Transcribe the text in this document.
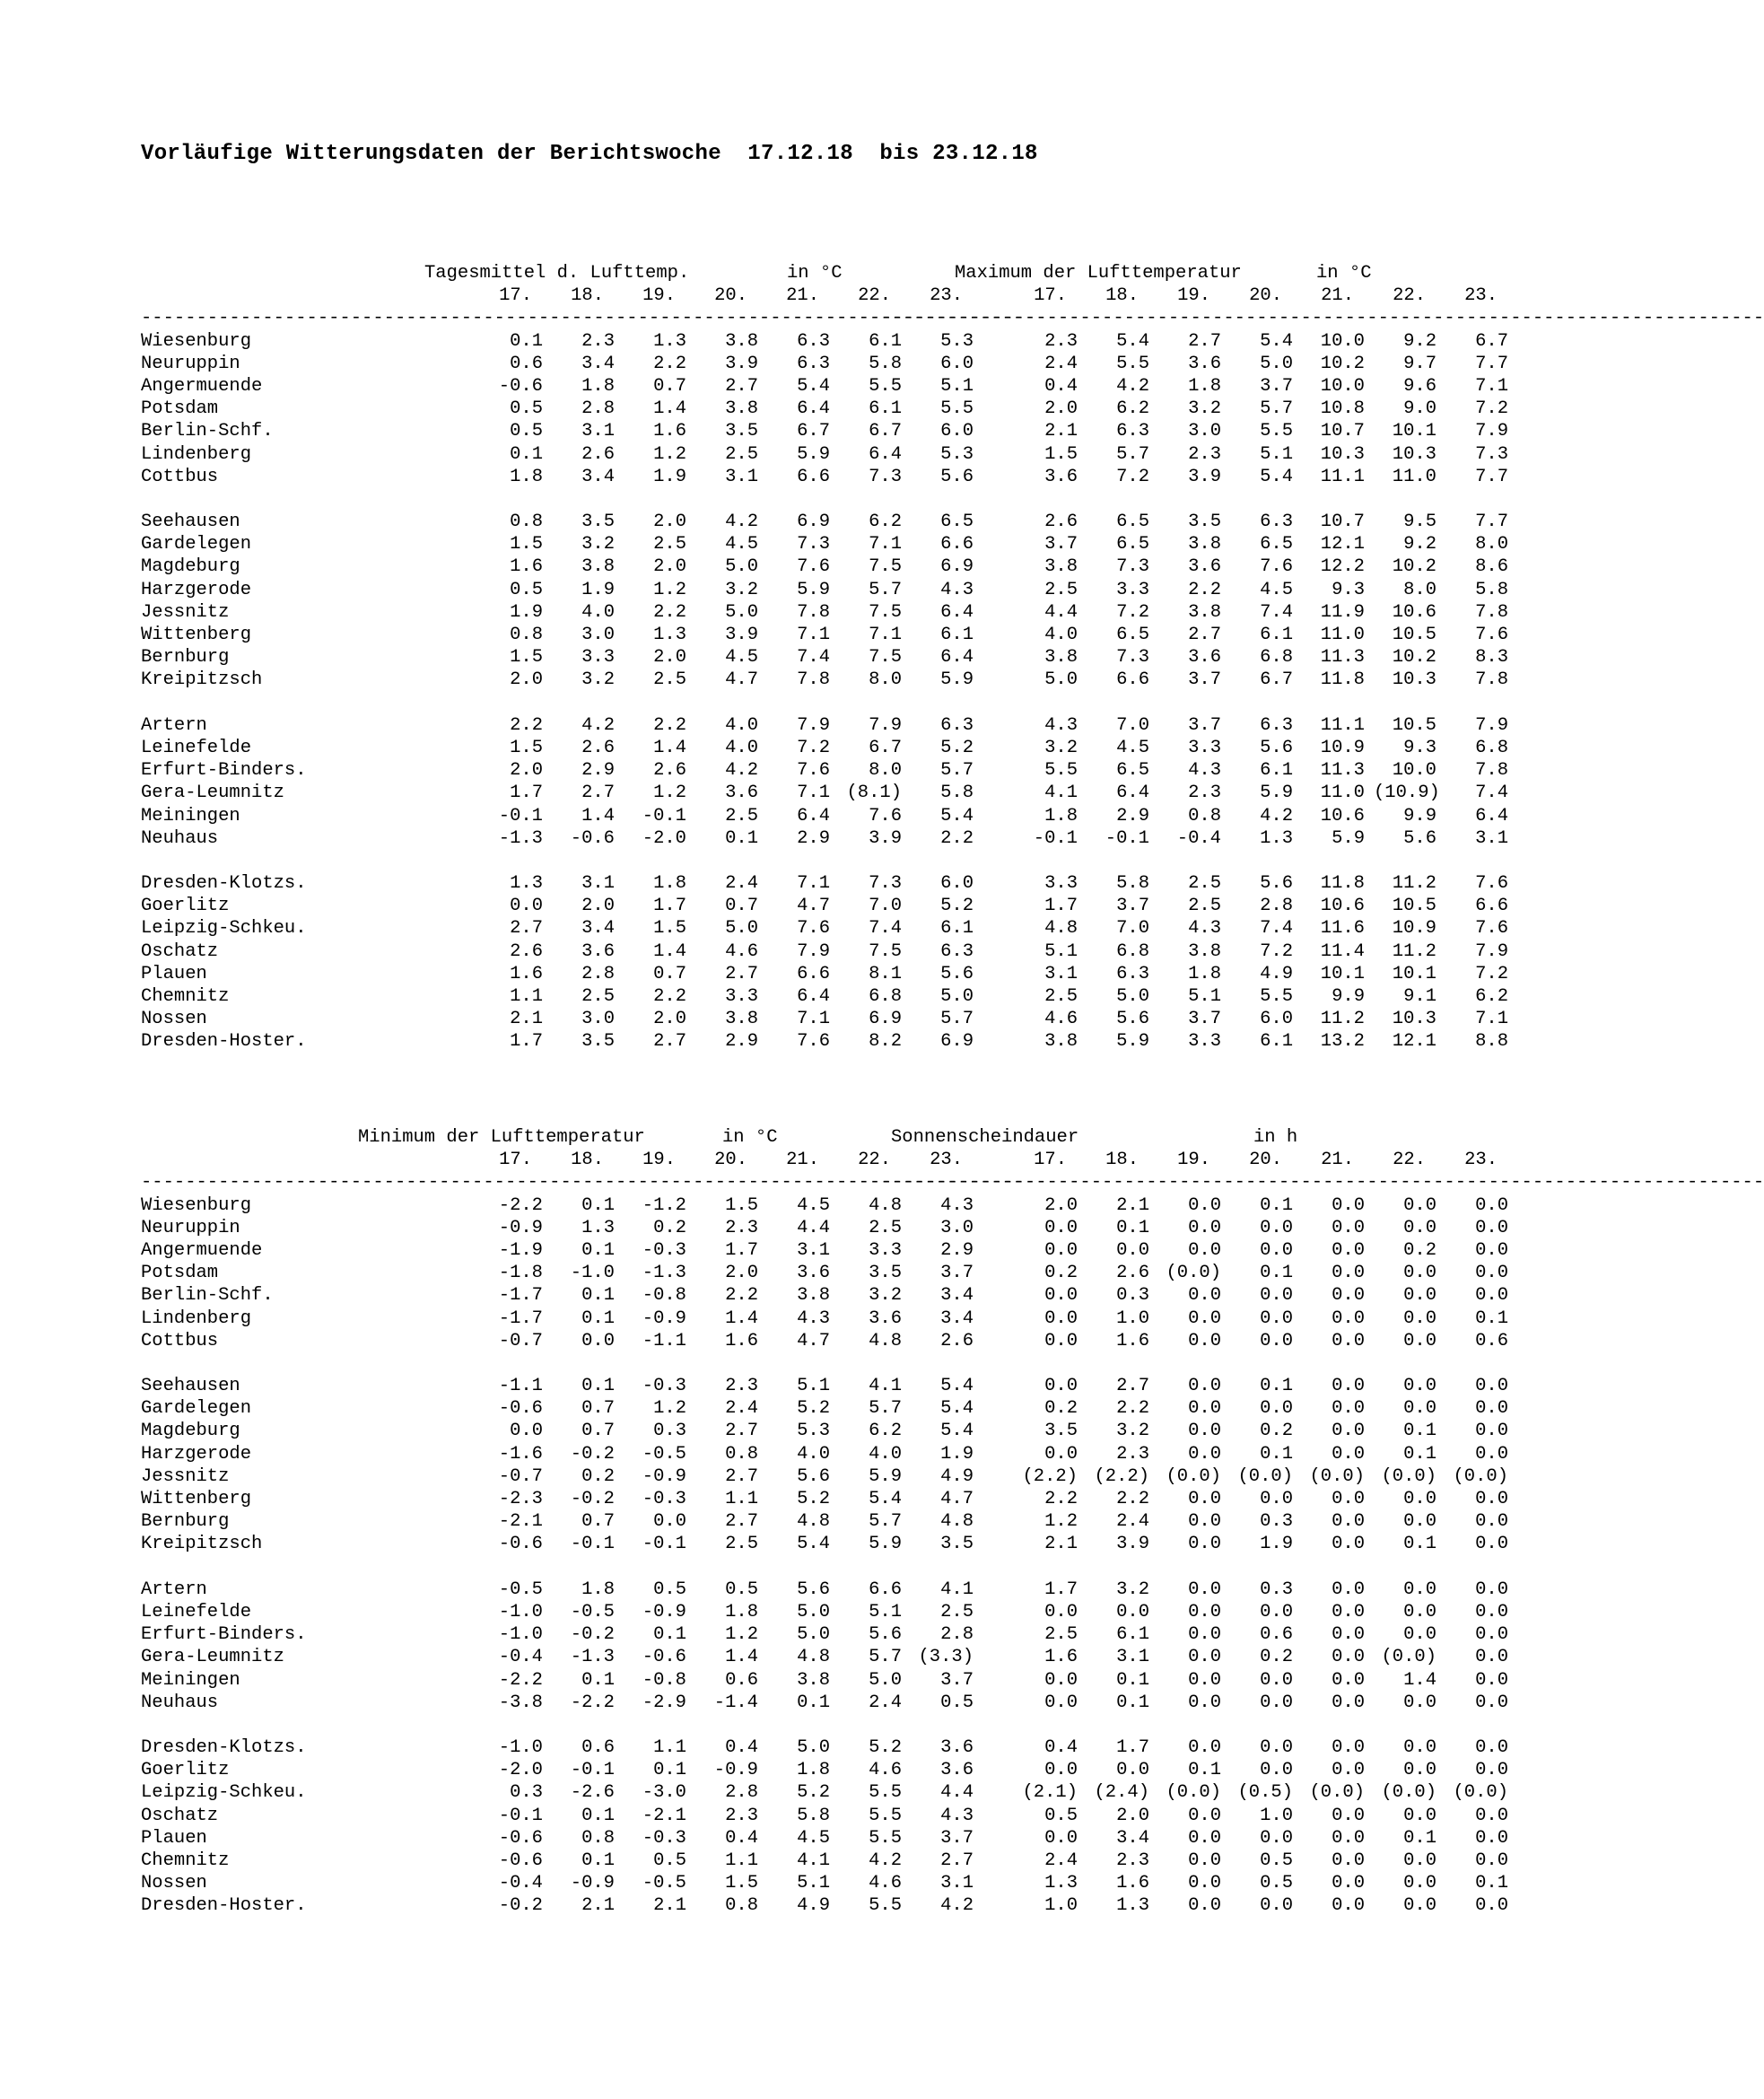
Vorläufige Witterungsdaten der Berichtswoche  17.12.18  bis 23.12.18
Tagesmittel d. Lufttemp.	in °C	Maximum der Lufttemperatur	in °C
17.	18.	19.	20.	21.	22.	23.	17.	18.	19.	20.	21.	22.	23.
--------------------------------------------------------------------------------
--------------------------------------------------------------------------------
Wiesenburg	0.1	2.3	1.3	3.8	6.3	6.1	5.3	2.3	5.4	2.7	5.4	10.0	9.2	6.7
Neuruppin	0.6	3.4	2.2	3.9	6.3	5.8	6.0	2.4	5.5	3.6	5.0	10.2	9.7	7.7
Angermuende	-0.6	1.8	0.7	2.7	5.4	5.5	5.1	0.4	4.2	1.8	3.7	10.0	9.6	7.1
Potsdam	0.5	2.8	1.4	3.8	6.4	6.1	5.5	2.0	6.2	3.2	5.7	10.8	9.0	7.2
Berlin-Schf.	0.5	3.1	1.6	3.5	6.7	6.7	6.0	2.1	6.3	3.0	5.5	10.7	10.1	7.9
Lindenberg	0.1	2.6	1.2	2.5	5.9	6.4	5.3	1.5	5.7	2.3	5.1	10.3	10.3	7.3
Cottbus	1.8	3.4	1.9	3.1	6.6	7.3	5.6	3.6	7.2	3.9	5.4	11.1	11.0	7.7
Seehausen	0.8	3.5	2.0	4.2	6.9	6.2	6.5	2.6	6.5	3.5	6.3	10.7	9.5	7.7
Gardelegen	1.5	3.2	2.5	4.5	7.3	7.1	6.6	3.7	6.5	3.8	6.5	12.1	9.2	8.0
Magdeburg	1.6	3.8	2.0	5.0	7.6	7.5	6.9	3.8	7.3	3.6	7.6	12.2	10.2	8.6
Harzgerode	0.5	1.9	1.2	3.2	5.9	5.7	4.3	2.5	3.3	2.2	4.5	9.3	8.0	5.8
Jessnitz	1.9	4.0	2.2	5.0	7.8	7.5	6.4	4.4	7.2	3.8	7.4	11.9	10.6	7.8
Wittenberg	0.8	3.0	1.3	3.9	7.1	7.1	6.1	4.0	6.5	2.7	6.1	11.0	10.5	7.6
Bernburg	1.5	3.3	2.0	4.5	7.4	7.5	6.4	3.8	7.3	3.6	6.8	11.3	10.2	8.3
Kreipitzsch	2.0	3.2	2.5	4.7	7.8	8.0	5.9	5.0	6.6	3.7	6.7	11.8	10.3	7.8
Artern	2.2	4.2	2.2	4.0	7.9	7.9	6.3	4.3	7.0	3.7	6.3	11.1	10.5	7.9
Leinefelde	1.5	2.6	1.4	4.0	7.2	6.7	5.2	3.2	4.5	3.3	5.6	10.9	9.3	6.8
Erfurt-Binders.	2.0	2.9	2.6	4.2	7.6	8.0	5.7	5.5	6.5	4.3	6.1	11.3	10.0	7.8
Gera-Leumnitz	1.7	2.7	1.2	3.6	7.1 (8.1)	5.8	4.1	6.4	2.3	5.9	11.0 (10.9)	7.4
Meiningen	-0.1	1.4	-0.1	2.5	6.4	7.6	5.4	1.8	2.9	0.8	4.2	10.6	9.9	6.4
Neuhaus	-1.3	-0.6	-2.0	0.1	2.9	3.9	2.2	-0.1	-0.1	-0.4	1.3	5.9	5.6	3.1
Dresden-Klotzs.	1.3	3.1	1.8	2.4	7.1	7.3	6.0	3.3	5.8	2.5	5.6	11.8	11.2	7.6
Goerlitz	0.0	2.0	1.7	0.7	4.7	7.0	5.2	1.7	3.7	2.5	2.8	10.6	10.5	6.6
Leipzig-Schkeu.	2.7	3.4	1.5	5.0	7.6	7.4	6.1	4.8	7.0	4.3	7.4	11.6	10.9	7.6
Oschatz	2.6	3.6	1.4	4.6	7.9	7.5	6.3	5.1	6.8	3.8	7.2	11.4	11.2	7.9
Plauen	1.6	2.8	0.7	2.7	6.6	8.1	5.6	3.1	6.3	1.8	4.9	10.1	10.1	7.2
Chemnitz	1.1	2.5	2.2	3.3	6.4	6.8	5.0	2.5	5.0	5.1	5.5	9.9	9.1	6.2
Nossen	2.1	3.0	2.0	3.8	7.1	6.9	5.7	4.6	5.6	3.7	6.0	11.2	10.3	7.1
Dresden-Hoster.	1.7	3.5	2.7	2.9	7.6	8.2	6.9	3.8	5.9	3.3	6.1	13.2	12.1	8.8
Minimum der Lufttemperatur	in °C	Sonnenscheindauer	in h
17.	18.	19.	20.	21.	22.	23.	17.	18.	19.	20.	21.	22.	23.
--------------------------------------------------------------------------------
--------------------------------------------------------------------------------
Wiesenburg	-2.2	0.1	-1.2	1.5	4.5	4.8	4.3	2.0	2.1	0.0	0.1	0.0	0.0	0.0
Neuruppin	-0.9	1.3	0.2	2.3	4.4	2.5	3.0	0.0	0.1	0.0	0.0	0.0	0.0	0.0
Angermuende	-1.9	0.1	-0.3	1.7	3.1	3.3	2.9	0.0	0.0	0.0	0.0	0.0	0.2	0.0
Potsdam	-1.8	-1.0	-1.3	2.0	3.6	3.5	3.7	0.2	2.6 (0.0)	0.1	0.0	0.0	0.0
Berlin-Schf.	-1.7	0.1	-0.8	2.2	3.8	3.2	3.4	0.0	0.3	0.0	0.0	0.0	0.0	0.0
Lindenberg	-1.7	0.1	-0.9	1.4	4.3	3.6	3.4	0.0	1.0	0.0	0.0	0.0	0.0	0.1
Cottbus	-0.7	0.0	-1.1	1.6	4.7	4.8	2.6	0.0	1.6	0.0	0.0	0.0	0.0	0.6
Seehausen	-1.1	0.1	-0.3	2.3	5.1	4.1	5.4	0.0	2.7	0.0	0.1	0.0	0.0	0.0
Gardelegen	-0.6	0.7	1.2	2.4	5.2	5.7	5.4	0.2	2.2	0.0	0.0	0.0	0.0	0.0
Magdeburg	0.0	0.7	0.3	2.7	5.3	6.2	5.4	3.5	3.2	0.0	0.2	0.0	0.1	0.0
Harzgerode	-1.6	-0.2	-0.5	0.8	4.0	4.0	1.9	0.0	2.3	0.0	0.1	0.0	0.1	0.0
Jessnitz	-0.7	0.2	-0.9	2.7	5.6	5.9	4.9	(2.2) (2.2) (0.0) (0.0) (0.0) (0.0) (0.0)
Wittenberg	-2.3	-0.2	-0.3	1.1	5.2	5.4	4.7	2.2	2.2	0.0	0.0	0.0	0.0	0.0
Bernburg	-2.1	0.7	0.0	2.7	4.8	5.7	4.8	1.2	2.4	0.0	0.3	0.0	0.0	0.0
Kreipitzsch	-0.6	-0.1	-0.1	2.5	5.4	5.9	3.5	2.1	3.9	0.0	1.9	0.0	0.1	0.0
Artern	-0.5	1.8	0.5	0.5	5.6	6.6	4.1	1.7	3.2	0.0	0.3	0.0	0.0	0.0
Leinefelde	-1.0	-0.5	-0.9	1.8	5.0	5.1	2.5	0.0	0.0	0.0	0.0	0.0	0.0	0.0
Erfurt-Binders.	-1.0	-0.2	0.1	1.2	5.0	5.6	2.8	2.5	6.1	0.0	0.6	0.0	0.0	0.0
Gera-Leumnitz	-0.4	-1.3	-0.6	1.4	4.8	5.7 (3.3)	1.6	3.1	0.0	0.2	0.0 (0.0)	0.0
Meiningen	-2.2	0.1	-0.8	0.6	3.8	5.0	3.7	0.0	0.1	0.0	0.0	0.0	1.4	0.0
Neuhaus	-3.8	-2.2	-2.9	-1.4	0.1	2.4	0.5	0.0	0.1	0.0	0.0	0.0	0.0	0.0
Dresden-Klotzs.	-1.0	0.6	1.1	0.4	5.0	5.2	3.6	0.4	1.7	0.0	0.0	0.0	0.0	0.0
Goerlitz	-2.0	-0.1	0.1	-0.9	1.8	4.6	3.6	0.0	0.0	0.1	0.0	0.0	0.0	0.0
Leipzig-Schkeu.	0.3	-2.6	-3.0	2.8	5.2	5.5	4.4	(2.1) (2.4) (0.0) (0.5) (0.0) (0.0) (0.0)
Oschatz	-0.1	0.1	-2.1	2.3	5.8	5.5	4.3	0.5	2.0	0.0	1.0	0.0	0.0	0.0
Plauen	-0.6	0.8	-0.3	0.4	4.5	5.5	3.7	0.0	3.4	0.0	0.0	0.0	0.1	0.0
Chemnitz	-0.6	0.1	0.5	1.1	4.1	4.2	2.7	2.4	2.3	0.0	0.5	0.0	0.0	0.0
Nossen	-0.4	-0.9	-0.5	1.5	5.1	4.6	3.1	1.3	1.6	0.0	0.5	0.0	0.0	0.1
Dresden-Hoster.	-0.2	2.1	2.1	0.8	4.9	5.5	4.2	1.0	1.3	0.0	0.0	0.0	0.0	0.0
